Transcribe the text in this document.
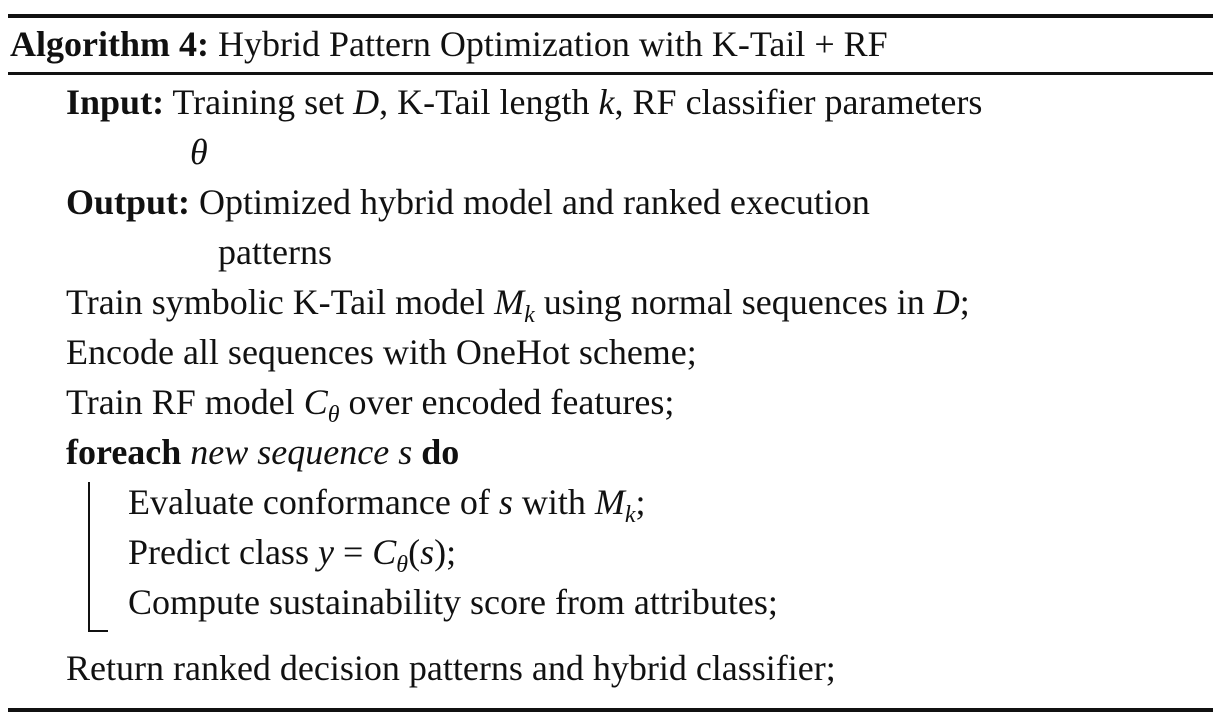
Algorithm 4: Hybrid Pattern Optimization with K-Tail + RF
Input: Training set D, K-Tail length k, RF classifier parameters
θ
Output: Optimized hybrid model and ranked execution
patterns
Train symbolic K-Tail model $M_k$ using normal sequences in D;
Encode all sequences with OneHot scheme;
Train RF model $C_\theta$ over encoded features;
foreach new sequence s do
Evaluate conformance of s with $M_k$;
Predict class $y = C_\theta(s)$;
Compute sustainability score from attributes;
Return ranked decision patterns and hybrid classifier;
